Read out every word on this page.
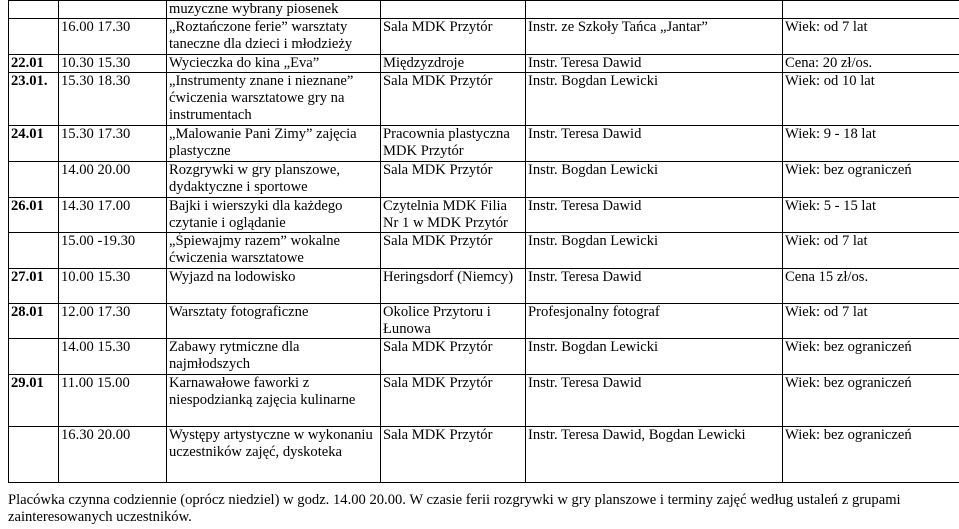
		muzyczne wybrany piosenek			
	16.00 17.30	„Roztańczone ferie” warsztaty taneczne dla dzieci i młodzieży	Sala MDK Przytór	Instr. ze Szkoły Tańca „Jantar”	Wiek: od 7 lat
22.01	10.30 15.30	Wycieczka do kina „Eva”	Międzyzdroje	Instr. Teresa Dawid	Cena: 20 zł/os.
23.01.	15.30 18.30	„Instrumenty znane i nieznane” ćwiczenia warsztatowe gry na instrumentach	Sala MDK Przytór	Instr. Bogdan Lewicki	Wiek: od 10 lat
24.01	15.30 17.30	„Malowanie Pani Zimy” zajęcia plastyczne	Pracownia plastyczna MDK Przytór	Instr. Teresa Dawid	Wiek: 9 - 18 lat
	14.00 20.00	Rozgrywki w gry planszowe, dydaktyczne i sportowe	Sala MDK Przytór	Instr. Bogdan Lewicki	Wiek: bez ograniczeń
26.01	14.30 17.00	Bajki i wierszyki dla każdego czytanie i oglądanie	Czytelnia MDK Filia Nr 1 w MDK Przytór	Instr. Teresa Dawid	Wiek: 5 - 15 lat
	15.00 -19.30	„Śpiewajmy razem” wokalne ćwiczenia warsztatowe	Sala MDK Przytór	Instr. Bogdan Lewicki	Wiek: od 7 lat
27.01	10.00 15.30	Wyjazd na lodowisko	Heringsdorf (Niemcy)	Instr. Teresa Dawid	Cena 15 zł/os.
28.01	12.00 17.30	Warsztaty fotograficzne	Okolice Przytoru i Łunowa	Profesjonalny fotograf	Wiek: od 7 lat
	14.00 15.30	Zabawy rytmiczne dla najmłodszych	Sala MDK Przytór	Instr. Bogdan Lewicki	Wiek: bez ograniczeń
29.01	11.00 15.00	Karnawałowe faworki z niespodzianką zajęcia kulinarne	Sala MDK Przytór	Instr. Teresa Dawid	Wiek: bez ograniczeń
	16.30 20.00	Występy artystyczne w wykonaniu uczestników zajęć, dyskoteka	Sala MDK Przytór	Instr. Teresa Dawid, Bogdan Lewicki	Wiek: bez ograniczeń
Placówka czynna codziennie (oprócz niedziel) w godz. 14.00 20.00. W czasie ferii rozgrywki w gry planszowe i terminy zajęć według ustaleń z grupami zainteresowanych uczestników.
